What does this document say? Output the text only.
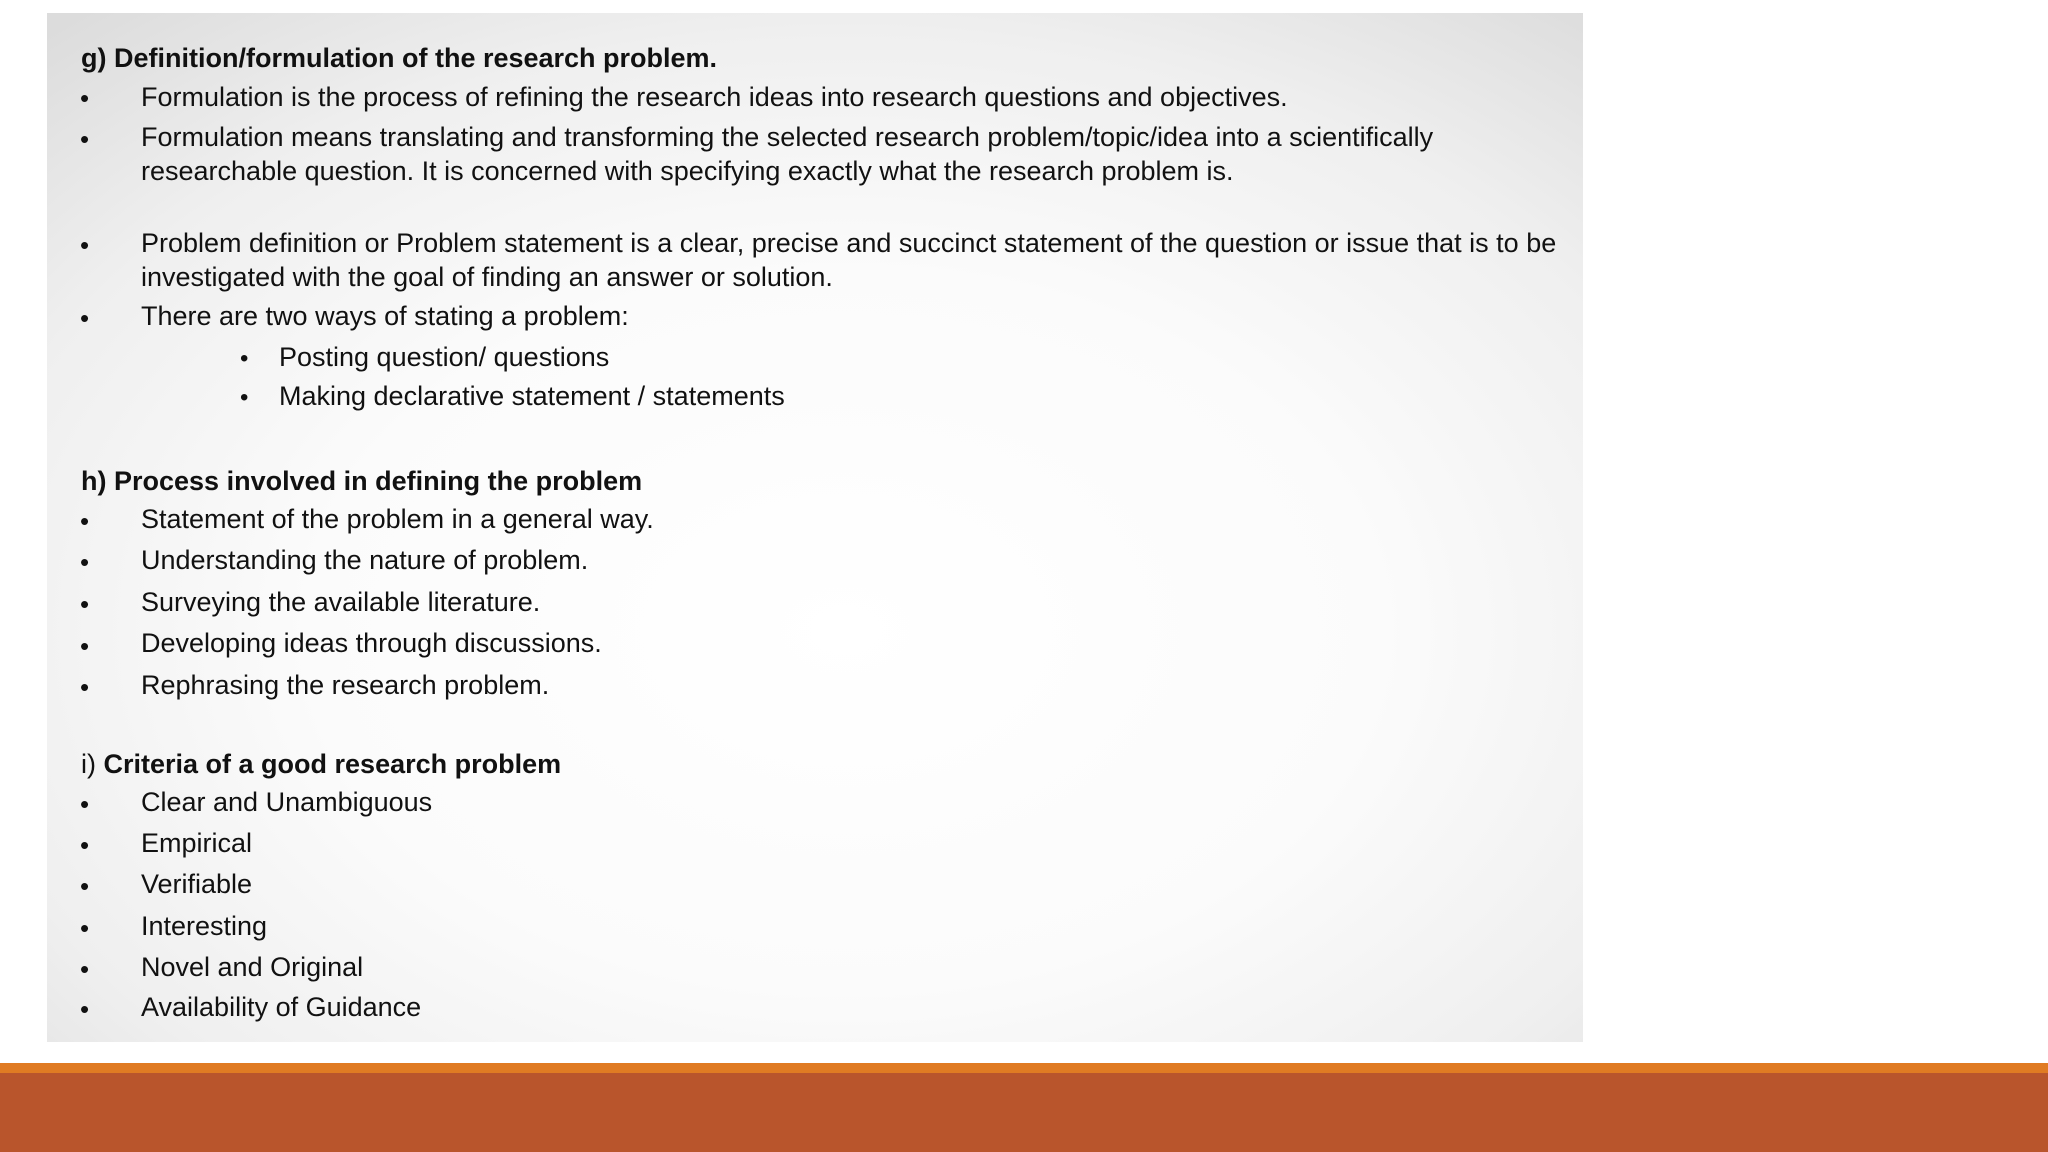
g) Definition/formulation of the research problem.
• Formulation is the process of refining the research ideas into research questions and objectives.
• Formulation means translating and transforming the selected research problem/topic/idea into a scientifically researchable question. It is concerned with specifying exactly what the research problem is.
• Problem definition or Problem statement is a clear, precise and succinct statement of the question or issue that is to be investigated with the goal of finding an answer or solution.
• There are two ways of stating a problem:
• Posting question/ questions
• Making declarative statement / statements
h) Process involved in defining the problem
• Statement of the problem in a general way.
• Understanding the nature of problem.
• Surveying the available literature.
• Developing ideas through discussions.
• Rephrasing the research problem.
i) Criteria of a good research problem
• Clear and Unambiguous
• Empirical
• Verifiable
• Interesting
• Novel and Original
• Availability of Guidance
